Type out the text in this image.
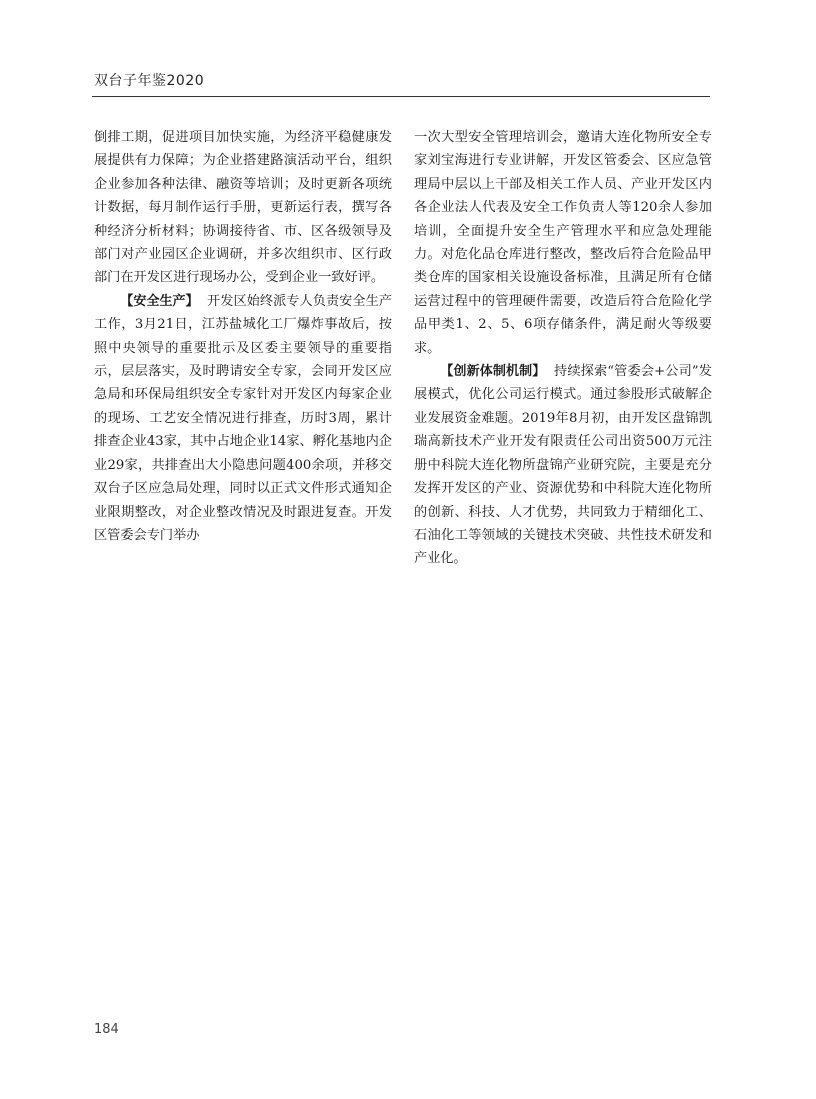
双台子年鉴2020

倒排工期，促进项目加快实施，为经济平稳健康发展提供有力保障；为企业搭建路演活动平台，组织企业参加各种法律、融资等培训；及时更新各项统计数据，每月制作运行手册，更新运行表，撰写各种经济分析材料；协调接待省、市、区各级领导及部门对产业园区企业调研，并多次组织市、区行政部门在开发区进行现场办公，受到企业一致好评。

【安全生产】 开发区始终派专人负责安全生产工作，3月21日，江苏盐城化工厂爆炸事故后，按照中央领导的重要批示及区委主要领导的重要指示，层层落实，及时聘请安全专家，会同开发区应急局和环保局组织安全专家针对开发区内每家企业的现场、工艺安全情况进行排查，历时3周，累计排查企业43家，其中占地企业14家、孵化基地内企业29家，共排查出大小隐患问题400余项，并移交双台子区应急局处理，同时以正式文件形式通知企业限期整改，对企业整改情况及时跟进复查。开发区管委会专门举办

一次大型安全管理培训会，邀请大连化物所安全专家刘宝海进行专业讲解，开发区管委会、区应急管理局中层以上干部及相关工作人员、产业开发区内各企业法人代表及安全工作负责人等120余人参加培训，全面提升安全生产管理水平和应急处理能力。对危化品仓库进行整改，整改后符合危险品甲类仓库的国家相关设施设备标准，且满足所有仓储运营过程中的管理硬件需要，改造后符合危险化学品甲类1、2、5、6项存储条件，满足耐火等级要求。

【创新体制机制】 持续探索“管委会+公司”发展模式，优化公司运行模式。通过参股形式破解企业发展资金难题。2019年8月初，由开发区盘锦凯瑞高新技术产业开发有限责任公司出资500万元注册中科院大连化物所盘锦产业研究院，主要是充分发挥开发区的产业、资源优势和中科院大连化物所的创新、科技、人才优势，共同致力于精细化工、石油化工等领域的关键技术突破、共性技术研发和产业化。

184
